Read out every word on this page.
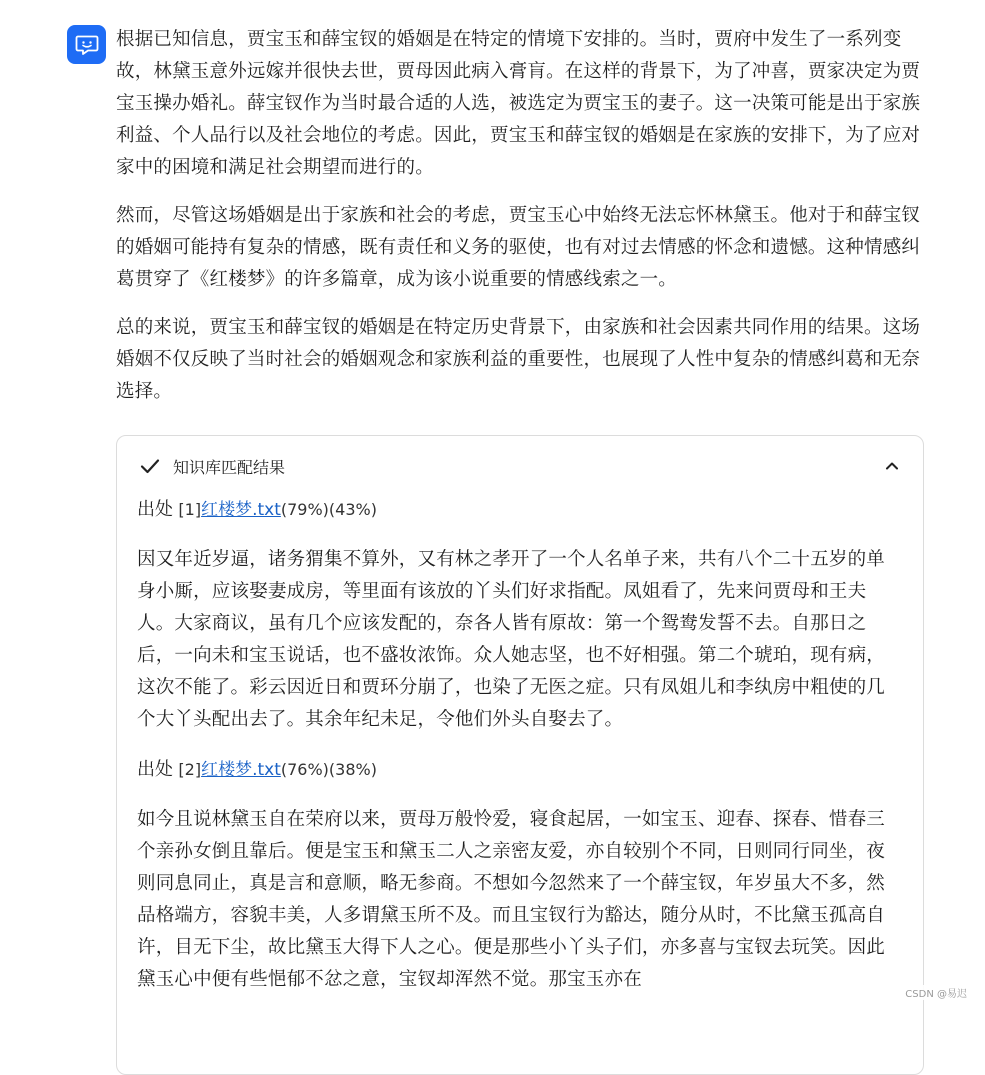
根据已知信息，贾宝玉和薛宝钗的婚姻是在特定的情境下安排的。当时，贾府中发生了一系列变故，林黛玉意外远嫁并很快去世，贾母因此病入膏肓。在这样的背景下，为了冲喜，贾家决定为贾宝玉操办婚礼。薛宝钗作为当时最合适的人选，被选定为贾宝玉的妻子。这一决策可能是出于家族利益、个人品行以及社会地位的考虑。因此，贾宝玉和薛宝钗的婚姻是在家族的安排下，为了应对家中的困境和满足社会期望而进行的。

然而，尽管这场婚姻是出于家族和社会的考虑，贾宝玉心中始终无法忘怀林黛玉。他对于和薛宝钗的婚姻可能持有复杂的情感，既有责任和义务的驱使，也有对过去情感的怀念和遗憾。这种情感纠葛贯穿了《红楼梦》的许多篇章，成为该小说重要的情感线索之一。

总的来说，贾宝玉和薛宝钗的婚姻是在特定历史背景下，由家族和社会因素共同作用的结果。这场婚姻不仅反映了当时社会的婚姻观念和家族利益的重要性，也展现了人性中复杂的情感纠葛和无奈选择。

知识库匹配结果
出处 [1]红楼梦.txt(79%)(43%)

因又年近岁逼，诸务猬集不算外，又有林之孝开了一个人名单子来，共有八个二十五岁的单身小厮，应该娶妻成房，等里面有该放的丫头们好求指配。凤姐看了，先来问贾母和王夫人。大家商议，虽有几个应该发配的，奈各人皆有原故：第一个鸳鸯发誓不去。自那日之后，一向未和宝玉说话，也不盛妆浓饰。众人她志坚，也不好相强。第二个琥珀，现有病，这次不能了。彩云因近日和贾环分崩了，也染了无医之症。只有凤姐儿和李纨房中粗使的几个大丫头配出去了。其余年纪未足，令他们外头自娶去了。

出处 [2]红楼梦.txt(76%)(38%)

如今且说林黛玉自在荣府以来，贾母万般怜爱，寝食起居，一如宝玉、迎春、探春、惜春三个亲孙女倒且靠后。便是宝玉和黛玉二人之亲密友爱，亦自较别个不同，日则同行同坐，夜则同息同止，真是言和意顺，略无参商。不想如今忽然来了一个薛宝钗，年岁虽大不多，然品格端方，容貌丰美，人多谓黛玉所不及。而且宝钗行为豁达，随分从时，不比黛玉孤高自许，目无下尘，故比黛玉大得下人之心。便是那些小丫头子们，亦多喜与宝钗去玩笑。因此黛玉心中便有些悒郁不忿之意，宝钗却浑然不觉。那宝玉亦在

CSDN @易迟
